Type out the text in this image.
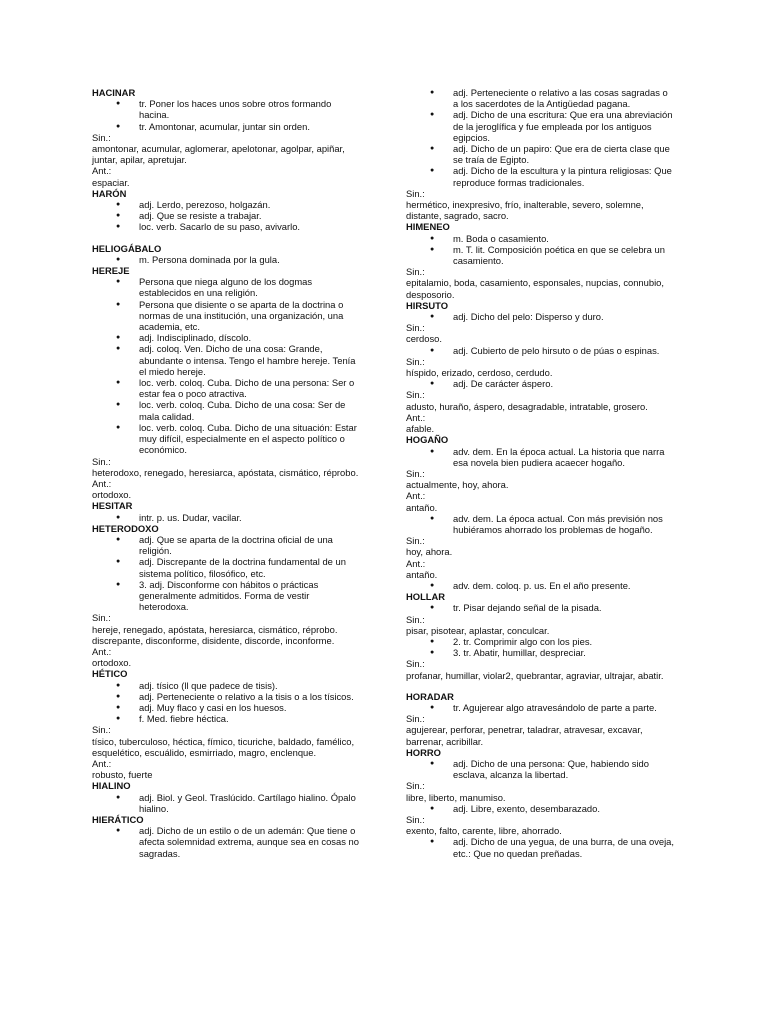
HACINAR
● tr. Poner los haces unos sobre otros formando hacina.
● tr. Amontonar, acumular, juntar sin orden.
Sin.:
amontonar, acumular, aglomerar, apelotonar, agolpar, apiñar, juntar, apilar, apretujar.
Ant.:
espaciar.
HARÓN
● adj. Lerdo, perezoso, holgazán.
● adj. Que se resiste a trabajar.
● loc. verb. Sacarlo de su paso, avivarlo.
HELIOGÁBALO
● m. Persona dominada por la gula.
HEREJE
● Persona que niega alguno de los dogmas establecidos en una religión.
● Persona que disiente o se aparta de la doctrina o normas de una institución, una organización, una academia, etc.
● adj. Indisciplinado, díscolo.
● adj. coloq. Ven. Dicho de una cosa: Grande, abundante o intensa. Tengo el hambre hereje. Tenía el miedo hereje.
● loc. verb. coloq. Cuba. Dicho de una persona: Ser o estar fea o poco atractiva.
● loc. verb. coloq. Cuba. Dicho de una cosa: Ser de mala calidad.
● loc. verb. coloq. Cuba. Dicho de una situación: Estar muy difícil, especialmente en el aspecto político o económico.
Sin.:
heterodoxo, renegado, heresiarca, apóstata, cismático, réprobo.
Ant.:
ortodoxo.
HESITAR
● intr. p. us. Dudar, vacilar.
HETERODOXO
● adj. Que se aparta de la doctrina oficial de una religión.
● adj. Discrepante de la doctrina fundamental de un sistema político, filosófico, etc.
● 3. adj. Disconforme con hábitos o prácticas generalmente admitidos. Forma de vestir heterodoxa.
Sin.:
hereje, renegado, apóstata, heresiarca, cismático, réprobo. discrepante, disconforme, disidente, discorde, inconforme.
Ant.:
ortodoxo.
HÉTICO
● adj. tísico (ll que padece de tisis).
● adj. Perteneciente o relativo a la tisis o a los tísicos.
● adj. Muy flaco y casi en los huesos.
● f. Med. fiebre héctica.
Sin.:
tísico, tuberculoso, héctica, fímico, ticuriche, baldado, famélico, esquelético, escuálido, esmirriado, magro, enclenque.
Ant.:
robusto, fuerte
HIALINO
● adj. Biol. y Geol. Traslúcido. Cartílago hialino. Ópalo hialino.
HIERÁTICO
● adj. Dicho de un estilo o de un ademán: Que tiene o afecta solemnidad extrema, aunque sea en cosas no sagradas.
● adj. Perteneciente o relativo a las cosas sagradas o a los sacerdotes de la Antigüedad pagana.
● adj. Dicho de una escritura: Que era una abreviación de la jeroglífica y fue empleada por los antiguos egipcios.
● adj. Dicho de un papiro: Que era de cierta clase que se traía de Egipto.
● adj. Dicho de la escultura y la pintura religiosas: Que reproduce formas tradicionales.
Sin.:
hermético, inexpresivo, frío, inalterable, severo, solemne, distante, sagrado, sacro.
HIMENEO
● m. Boda o casamiento.
● m. T. lit. Composición poética en que se celebra un casamiento.
Sin.:
epitalamio, boda, casamiento, esponsales, nupcias, connubio, desposorio.
HIRSUTO
● adj. Dicho del pelo: Disperso y duro.
Sin.:
cerdoso.
● adj. Cubierto de pelo hirsuto o de púas o espinas.
Sin.:
híspido, erizado, cerdoso, cerdudo.
● adj. De carácter áspero.
Sin.:
adusto, huraño, áspero, desagradable, intratable, grosero.
Ant.:
afable.
HOGAÑO
● adv. dem. En la época actual. La historia que narra esa novela bien pudiera acaecer hogaño.
Sin.:
actualmente, hoy, ahora.
Ant.:
antaño.
● adv. dem. La época actual. Con más previsión nos hubiéramos ahorrado los problemas de hogaño.
Sin.:
hoy, ahora.
Ant.:
antaño.
● adv. dem. coloq. p. us. En el año presente.
HOLLAR
● tr. Pisar dejando señal de la pisada.
Sin.:
pisar, pisotear, aplastar, conculcar.
● 2. tr. Comprimir algo con los pies.
● 3. tr. Abatir, humillar, despreciar.
Sin.:
profanar, humillar, violar2, quebrantar, agraviar, ultrajar, abatir.
HORADAR
● tr. Agujerear algo atravesándolo de parte a parte.
Sin.:
agujerear, perforar, penetrar, taladrar, atravesar, excavar, barrenar, acribillar.
HORRO
● adj. Dicho de una persona: Que, habiendo sido esclava, alcanza la libertad.
Sin.:
libre, liberto, manumiso.
● adj. Libre, exento, desembarazado.
Sin.:
exento, falto, carente, libre, ahorrado.
● adj. Dicho de una yegua, de una burra, de una oveja, etc.: Que no quedan preñadas.
